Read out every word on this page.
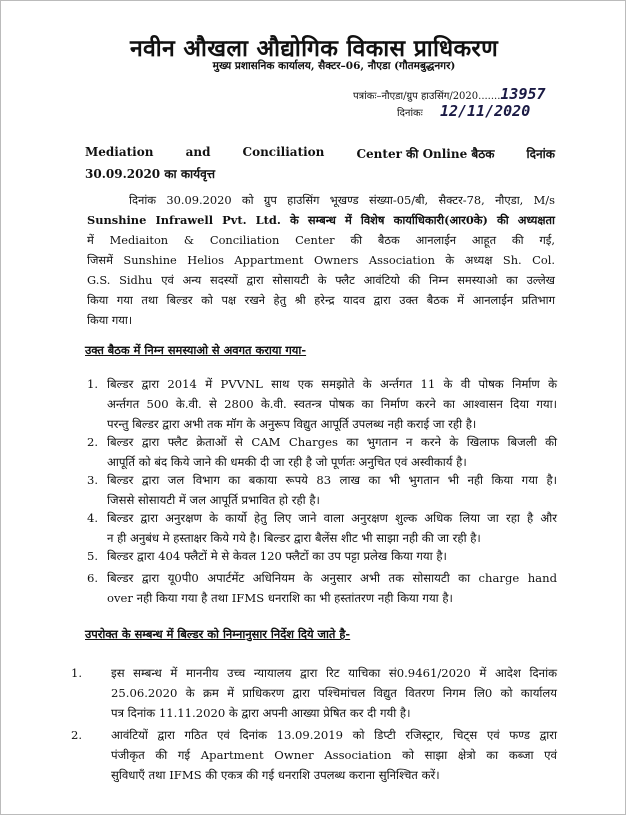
नवीन औखला औद्योगिक विकास प्राधिकरण
मुख्य प्रशासनिक कार्यालय, सैक्टर–06, नौएडा (गौतमबुद्धनगर)
पत्रांकः–नौएडा/ग्रुप हाउसिंग/2020.......13957
दिनांकः 12/11/2020
Mediation	and	Conciliation	Center की Online बैठक	दिनांक
30.09.2020 का कार्यवृत्त
दिनांक 30.09.2020 को ग्रुप हाउसिंग भूखण्ड संख्या-05/बी, सैक्टर-78, नौएडा, M/s
Sunshine Infrawell Pvt. Ltd. के सम्बन्ध में विशेष कार्याधिकारी(आर0के) की अध्यक्षता
में Mediaiton & Conciliation Center की बैठक आनलाईन आहूत की गई,
जिसमें Sunshine Helios Appartment Owners Association के अध्यक्ष Sh. Col.
G.S. Sidhu एवं अन्य सदस्यों द्वारा सोसायटी के फ्लैट आवंटियो की निम्न समस्याओ का उल्लेख
किया गया तथा बिल्डर को पक्ष रखने हेतु श्री हरेन्द्र यादव द्वारा उक्त बैठक में आनलाईन प्रतिभाग
किया गया।
उक्त बैठक में निम्न समस्याओ से अवगत कराया गया-
1. बिल्डर द्वारा 2014 में PVVNL साथ एक समझोते के अर्न्तगत 11 के वी पोषक निर्माण के
अर्न्तगत 500 के.वी. से 2800 के.वी. स्वतन्त्र पोषक का निर्माण करने का आश्वासन दिया गया।
परन्तु बिल्डर द्वारा अभी तक मॉग के अनुरूप विद्युत आपूर्ति उपलब्ध नही कराई जा रही है।
2. बिल्डर द्वारा फ्लैट क्रेताओं से CAM Charges का भुगतान न करने के खिलाफ बिजली की
आपूर्ति को बंद किये जाने की धमकी दी जा रही है जो पूर्णतः अनुचित एवं अस्वीकार्य है।
3. बिल्डर द्वारा जल विभाग का बकाया रूपये 83 लाख का भी भुगतान भी नही किया गया है।
जिससे सोसायटी में जल आपूर्ति प्रभावित हो रही है।
4. बिल्डर द्वारा अनुरक्षण के कार्यो हेतु लिए जाने वाला अनुरक्षण शुल्क अधिक लिया जा रहा है और
न ही अनुबंध मे हस्ताक्षर किये गये है। बिल्डर द्वारा बैलेंस शीट भी साझा नही की जा रही है।
5. बिल्डर द्वारा 404 फ्लैटों मे से केवल 120 फ्लैटों का उप पट्टा प्रलेख किया गया है।
6. बिल्डर द्वारा यू0पी0 अपार्टमेंट अधिनियम के अनुसार अभी तक सोसायटी का charge hand
over नही किया गया है तथा IFMS धनराशि का भी हस्तांतरण नही किया गया है।
उपरोक्त के सम्बन्ध में बिल्डर को निम्नानुसार निर्देश दिये जाते है-
1. इस सम्बन्ध में माननीय उच्च न्यायालय द्वारा रिट याचिका सं0.9461/2020 में आदेश दिनांक
25.06.2020 के क्रम में प्राधिकरण द्वारा पश्चिमांचल विद्युत वितरण निगम लि0 को कार्यालय
पत्र दिनांक 11.11.2020 के द्वारा अपनी आख्या प्रेषित कर दी गयी है।
2. आवंटियों द्वारा गठित एवं दिनांक 13.09.2019 को डिप्टी रजिस्ट्रार, चिट्स एवं फण्ड द्वारा
पंजीकृत की गई Apartment Owner Association को साझा क्षेत्रो का कब्जा एवं
सुविधाएँ तथा IFMS की एकत्र की गई धनराशि उपलब्ध कराना सुनिश्चित करें।
